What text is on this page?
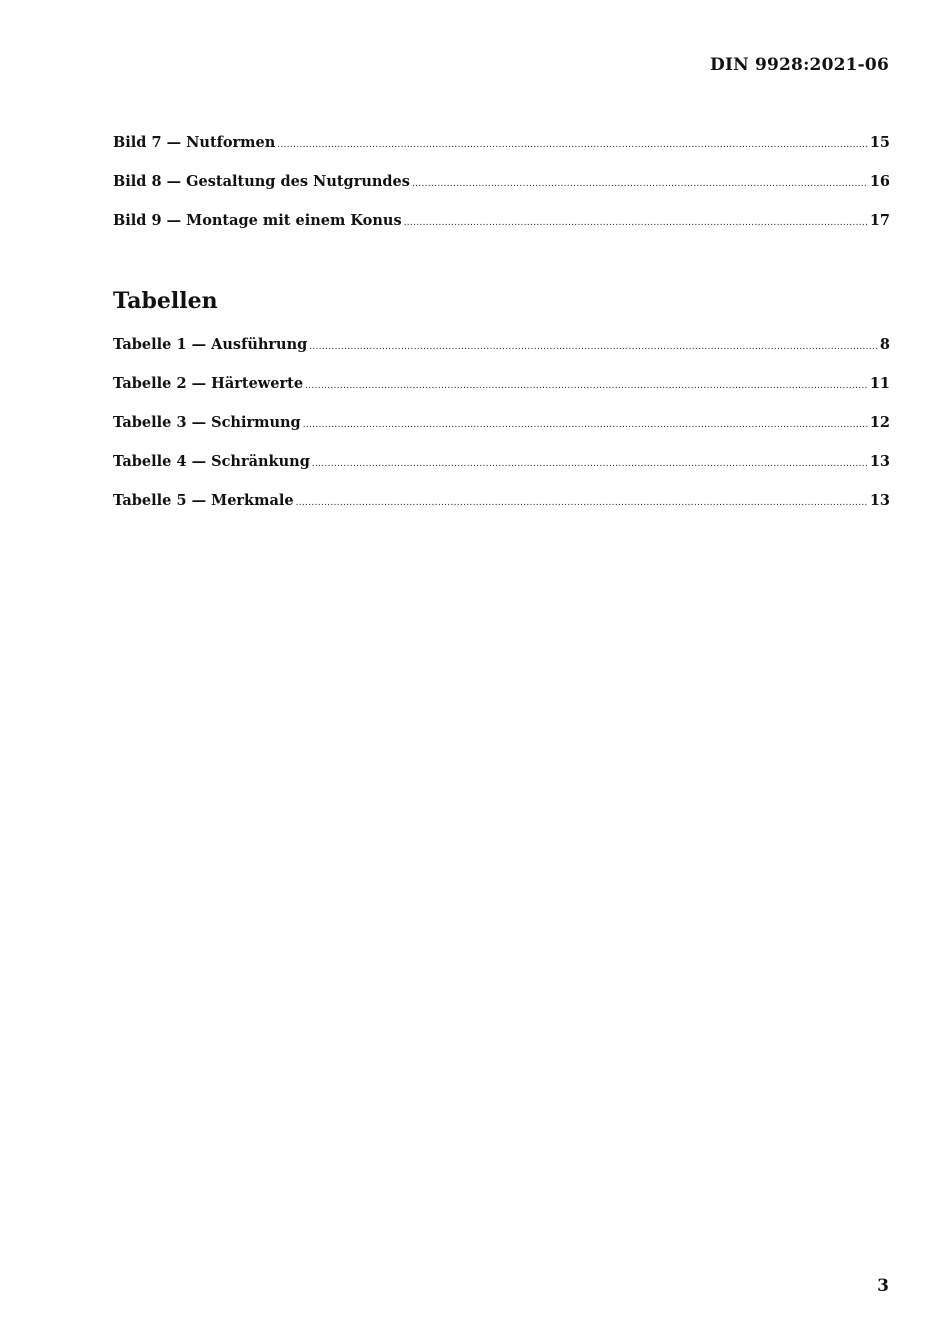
DIN 9928:2021-06
Bild 7 — Nutformen .....	15
Bild 8 — Gestaltung des Nutgrundes .....	16
Bild 9 — Montage mit einem Konus .....	17
Tabellen
Tabelle 1 — Ausführung .....	8
Tabelle 2 — Härtewerte .....	11
Tabelle 3 — Schirmung .....	12
Tabelle 4 — Schränkung .....	13
Tabelle 5 — Merkmale .....	13
3
